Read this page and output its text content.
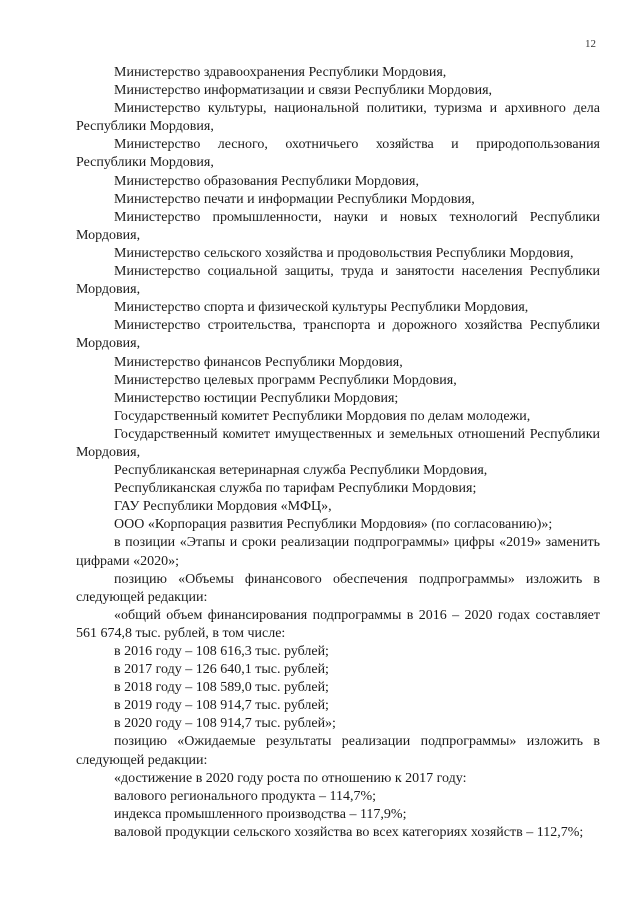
12

Министерство здравоохранения Республики Мордовия,

Министерство информатизации и связи Республики Мордовия,

Министерство культуры, национальной политики, туризма и архивного дела Республики Мордовия,

Министерство лесного, охотничьего хозяйства и природопользования Республики Мордовия,

Министерство образования Республики Мордовия,

Министерство печати и информации Республики Мордовия,

Министерство промышленности, науки и новых технологий Республики Мордовия,

Министерство сельского хозяйства и продовольствия Республики Мордовия,

Министерство социальной защиты, труда и занятости населения Республики Мордовия,

Министерство спорта и физической культуры Республики Мордовия,

Министерство строительства, транспорта и дорожного хозяйства Республики Мордовия,

Министерство финансов Республики Мордовия,

Министерство целевых программ Республики Мордовия,

Министерство юстиции Республики Мордовия;

Государственный комитет Республики Мордовия по делам молодежи,

Государственный комитет имущественных и земельных отношений Республики Мордовия,

Республиканская ветеринарная служба Республики Мордовия,

Республиканская служба по тарифам Республики Мордовия;

ГАУ Республики Мордовия «МФЦ»,

ООО «Корпорация развития Республики Мордовия» (по согласованию)»;

в позиции «Этапы и сроки реализации подпрограммы» цифры «2019» заменить цифрами «2020»;

позицию «Объемы финансового обеспечения подпрограммы» изложить в следующей редакции:

«общий объем финансирования подпрограммы в 2016 – 2020 годах составляет 561 674,8 тыс. рублей, в том числе:

в 2016 году – 108 616,3 тыс. рублей;

в 2017 году – 126 640,1 тыс. рублей;

в 2018 году – 108 589,0 тыс. рублей;

в 2019 году – 108 914,7 тыс. рублей;

в 2020 году – 108 914,7 тыс. рублей»;

позицию «Ожидаемые результаты реализации подпрограммы» изложить в следующей редакции:

«достижение в 2020 году роста по отношению к 2017 году:

валового регионального продукта – 114,7%;

индекса промышленного производства – 117,9%;

валовой продукции сельского хозяйства во всех категориях хозяйств – 112,7%;
